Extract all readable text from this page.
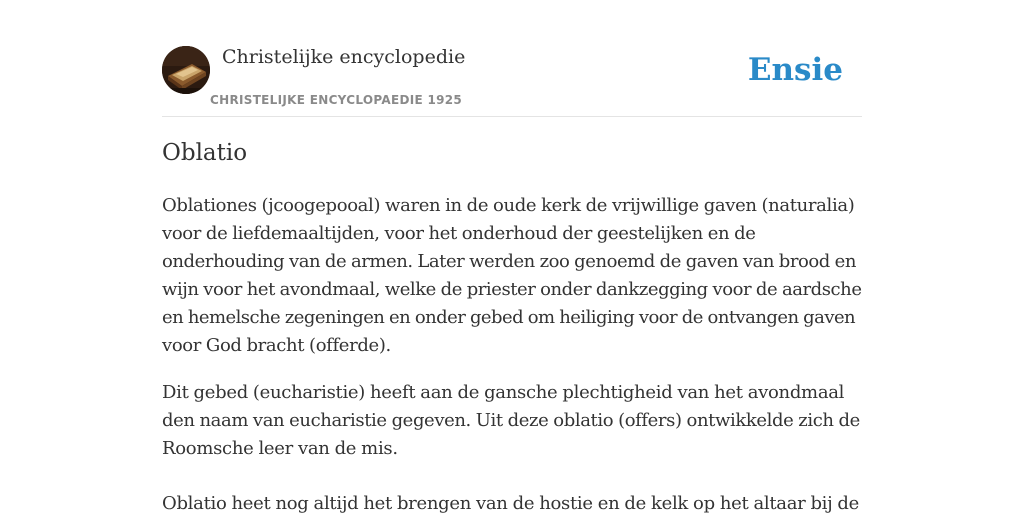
Christelijke encyclopedie
CHRISTELIJKE ENCYCLOPAEDIE 1925
Ensie
Oblatio

Oblationes (jcoogepooal) waren in de oude kerk de vrijwillige gaven (naturalia)
voor de liefdemaaltijden, voor het onderhoud der geestelijken en de
onderhouding van de armen. Later werden zoo genoemd de gaven van brood en
wijn voor het avondmaal, welke de priester onder dankzegging voor de aardsche
en hemelsche zegeningen en onder gebed om heiliging voor de ontvangen gaven
voor God bracht (offerde).

Dit gebed (eucharistie) heeft aan de gansche plechtigheid van het avondmaal
den naam van eucharistie gegeven. Uit deze oblatio (offers) ontwikkelde zich de
Roomsche leer van de mis.

Oblatio heet nog altijd het brengen van de hostie en de kelk op het altaar bij de
